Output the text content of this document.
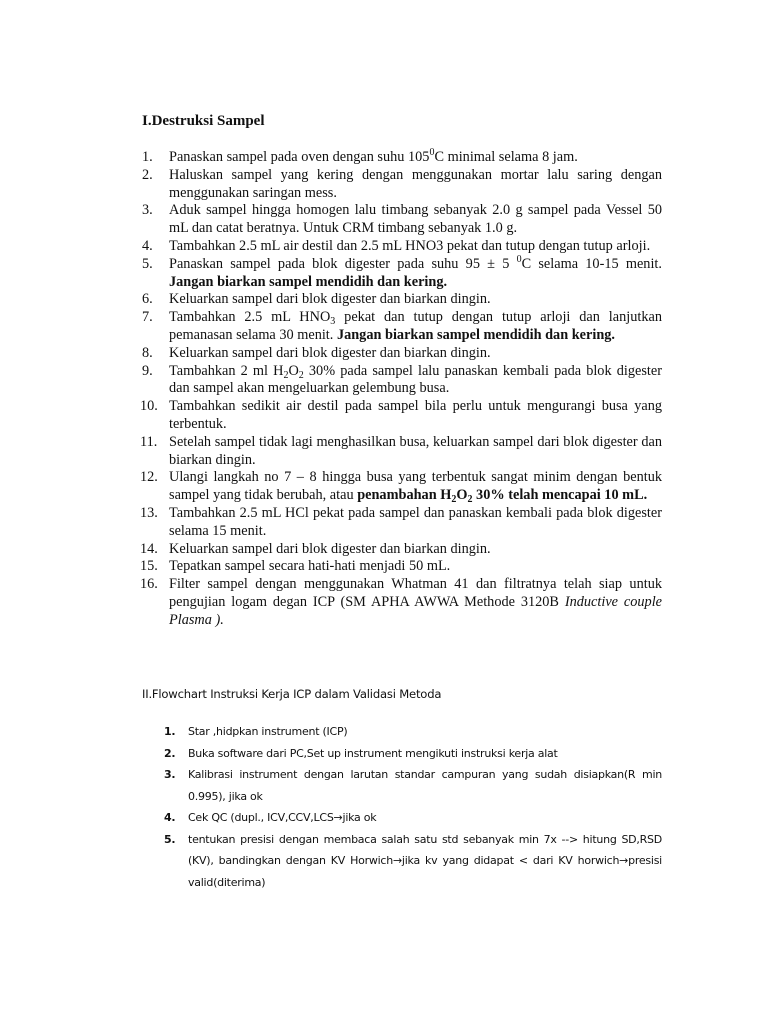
I.Destruksi Sampel
1. Panaskan sampel pada oven dengan suhu $105^0C$ minimal selama 8 jam.
2. Haluskan sampel yang kering dengan menggunakan mortar lalu saring dengan menggunakan saringan mess.
3. Aduk sampel hingga homogen lalu timbang sebanyak 2.0 g sampel pada Vessel 50 mL dan catat beratnya. Untuk CRM timbang sebanyak 1.0 g.
4. Tambahkan 2.5 mL air destil dan 2.5 mL HNO3 pekat dan tutup dengan tutup arloji.
5. Panaskan sampel pada blok digester pada suhu 95 ± 5 $^0$C selama 10-15 menit. Jangan biarkan sampel mendidih dan kering.
6. Keluarkan sampel dari blok digester dan biarkan dingin.
7. Tambahkan 2.5 mL $HNO_3$ pekat dan tutup dengan tutup arloji dan lanjutkan pemanasan selama 30 menit. Jangan biarkan sampel mendidih dan kering.
8. Keluarkan sampel dari blok digester dan biarkan dingin.
9. Tambahkan 2 ml $H_2O_2$ 30% pada sampel lalu panaskan kembali pada blok digester dan sampel akan mengeluarkan gelembung busa.
10. Tambahkan sedikit air destil pada sampel bila perlu untuk mengurangi busa yang terbentuk.
11. Setelah sampel tidak lagi menghasilkan busa, keluarkan sampel dari blok digester dan biarkan dingin.
12. Ulangi langkah no 7 – 8 hingga busa yang terbentuk sangat minim dengan bentuk sampel yang tidak berubah, atau penambahan $H_2O_2$ 30% telah mencapai 10 mL.
13. Tambahkan 2.5 mL HCl pekat pada sampel dan panaskan kembali pada blok digester selama 15 menit.
14. Keluarkan sampel dari blok digester dan biarkan dingin.
15. Tepatkan sampel secara hati-hati menjadi 50 mL.
16. Filter sampel dengan menggunakan Whatman 41 dan filtratnya telah siap untuk pengujian logam degan ICP (SM APHA AWWA Methode 3120B Inductive couple Plasma ).
II.Flowchart Instruksi Kerja ICP dalam Validasi Metoda
1. Star ,hidpkan instrument (ICP)
2. Buka software dari PC,Set up instrument mengikuti instruksi kerja alat
3. Kalibrasi instrument dengan larutan standar campuran yang sudah disiapkan(R min 0.995), jika ok
4. Cek QC (dupl., ICV,CCV,LCS→jika ok
5. tentukan presisi dengan membaca salah satu std sebanyak min 7x --> hitung SD,RSD (KV), bandingkan dengan KV Horwich→jika kv yang didapat < dari KV horwich→presisi valid(diterima)
